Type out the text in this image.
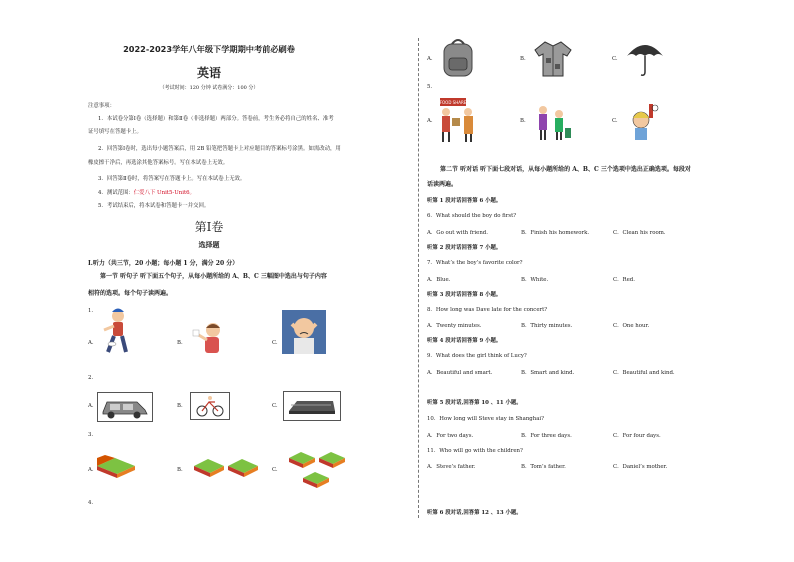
2022-2023学年八年级下学期期中考前必刷卷
英语
（考试时间：120 分钟 试卷满分：100 分）
注意事项：
1．本试卷分第Ⅰ卷（选择题）和第Ⅱ卷（非选择题）两部分。答卷前，考生务必将自己的姓名、准考
证号填写在答题卡上。
2．回答第Ⅰ卷时，选出每小题答案后，用 2B 铅笔把答题卡上对应题目的答案标号涂黑。如需改动，用
橡皮擦干净后，再选涂其他答案标号。写在本试卷上无效。
3．回答第Ⅱ卷时，将答案写在答题卡上。写在本试卷上无效。
4．测试范围：仁爱八下 Unit5-Unit6。
5．考试结束后，将本试卷和答题卡一并交回。
第Ⅰ卷
选择题
Ⅰ.听力（共三节，20 小题；每小题 1 分，满分 20 分）
第一节 听句子 听下面五个句子，从每小题所给的 A、B、C 三幅图中选出与句子内容
相符的选项。每个句子读两遍。
1.
A.	B.	C.
2.
A.	B.	C.
3.
A.	B.	C.
4.
A.	B.	C.
5.
A.
FOOD SHARE
B.	C.
第二节 听对话 听下面七段对话，从每小题所给的 A、B、C 三个选项中选出正确选项。每段对
话读两遍。
听第 1 段对话回答第 6 小题。
6．What should the boy do first?
A．Go out with friend.	B．Finish his homework.	C．Clean his room.
听第 2 段对话回答第 7 小题。
7．What’s the boy’s favorite color?
A．Blue.	B．White.	C．Red.
听第 3 段对话回答第 8 小题。
8．How long was Dave late for the concert?
A．Twenty minutes.	B．Thirty minutes.	C．One hour.
听第 4 段对话回答第 9 小题。
9．What does the girl think of Lucy?
A．Beautiful and smart.	B．Smart and kind.	C．Beautiful and kind.
听第 5 段对话,回答第 10 、11 小题。
10．How long will Steve stay in Shanghai?
A．For two days.	B．For three days.	C．For four days.
11．Who will go with the children?
A．Steve’s father.	B．Tom’s father.	C．Daniel’s mother.
听第 6 段对话,回答第 12 、13 小题。
